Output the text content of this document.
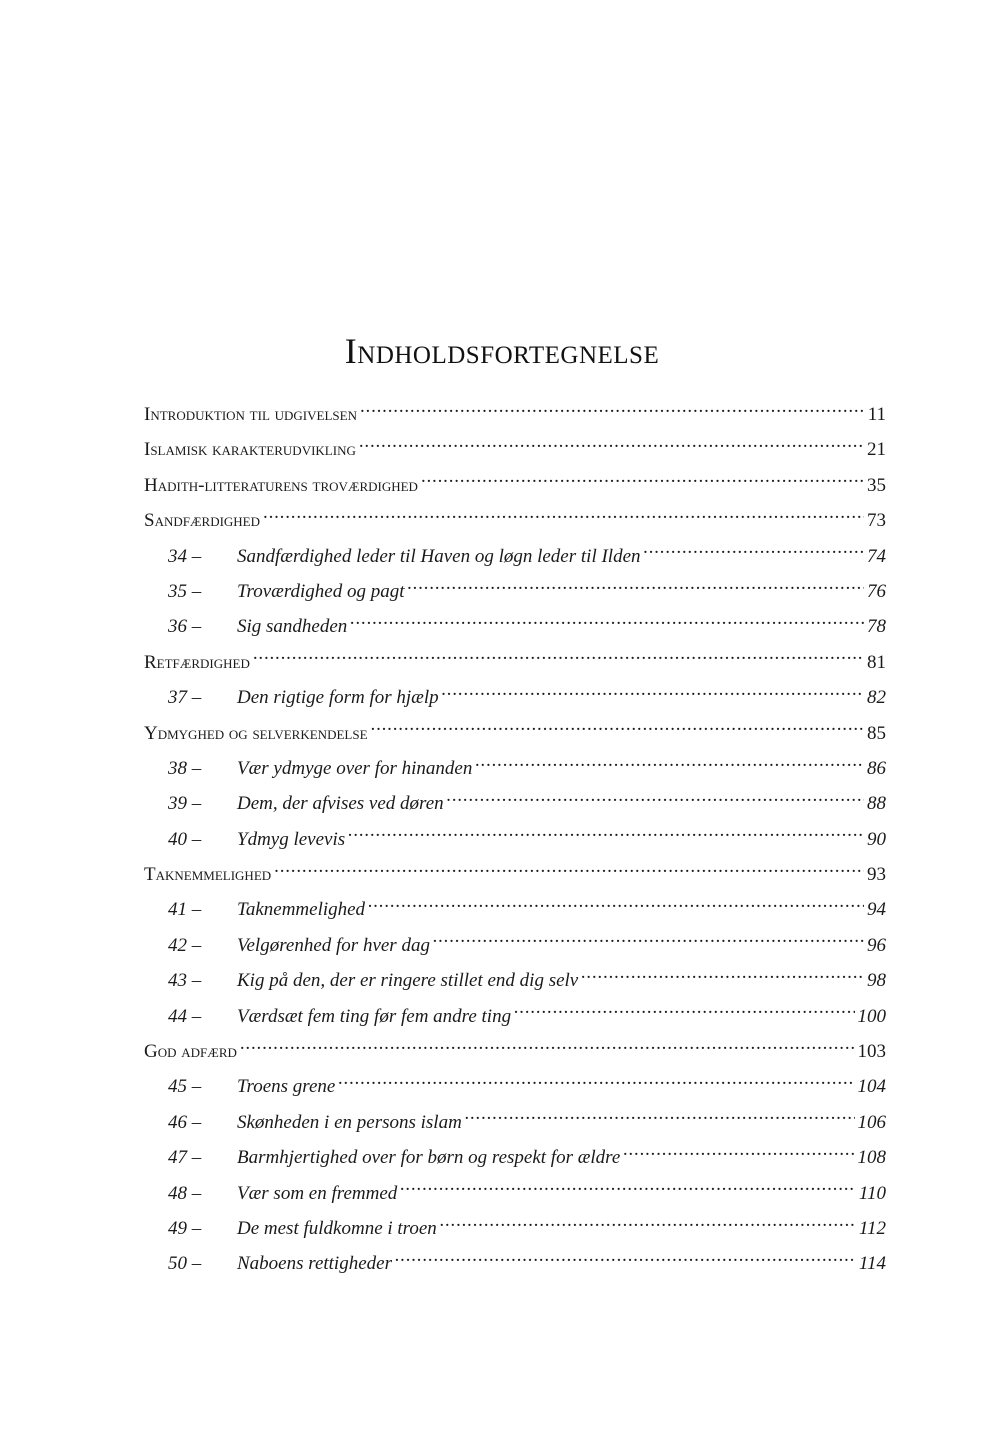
Indholdsfortegnelse
Introduktion til udgivelsen .....	11
Islamisk karakterudvikling .....	21
Hadith-litteraturens troværdighed .....	35
Sandfærdighed .....	73
34 –	Sandfærdighed leder til Haven og løgn leder til Ilden .....	74
35 –	Troværdighed og pagt .....	76
36 –	Sig sandheden .....	78
Retfærdighed .....	81
37 –	Den rigtige form for hjælp .....	82
Ydmyghed og selverkendelse .....	85
38 –	Vær ydmyge over for hinanden .....	86
39 –	Dem, der afvises ved døren .....	88
40 –	Ydmyg levevis .....	90
Taknemmelighed .....	93
41 –	Taknemmelighed .....	94
42 –	Velgørenhed for hver dag .....	96
43 –	Kig på den, der er ringere stillet end dig selv .....	98
44 –	Værdsæt fem ting før fem andre ting .....	100
God adfærd .....	103
45 –	Troens grene .....	104
46 –	Skønheden i en persons islam .....	106
47 –	Barmhjertighed over for børn og respekt for ældre .....	108
48 –	Vær som en fremmed .....	110
49 –	De mest fuldkomne i troen .....	112
50 –	Naboens rettigheder .....	114
